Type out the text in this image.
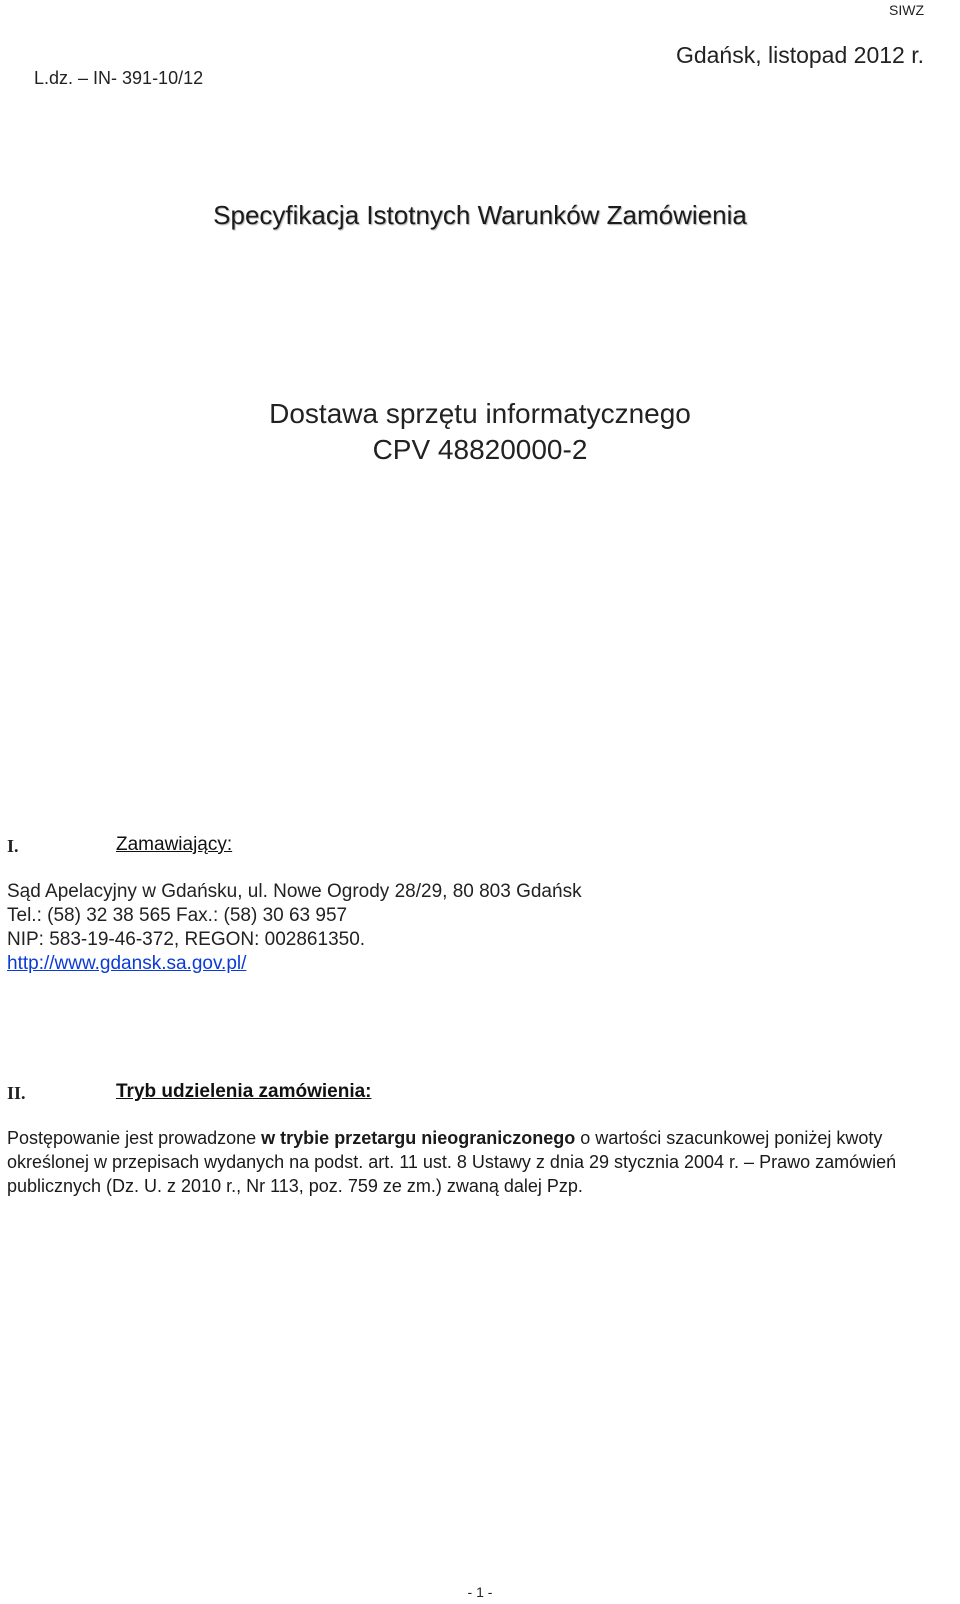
SIWZ
Gdańsk, listopad 2012 r.
L.dz. – IN- 391-10/12
Specyfikacja Istotnych Warunków Zamówienia
Dostawa sprzętu informatycznego
CPV 48820000-2
I.	Zamawiający:
Sąd Apelacyjny w Gdańsku, ul. Nowe Ogrody 28/29, 80 803 Gdańsk
Tel.: (58) 32 38 565 Fax.: (58) 30 63 957
NIP: 583-19-46-372, REGON: 002861350.
http://www.gdansk.sa.gov.pl/
II.	Tryb udzielenia zamówienia:
Postępowanie jest prowadzone w trybie przetargu nieograniczonego o wartości szacunkowej poniżej kwoty określonej w przepisach wydanych na podst. art. 11 ust. 8 Ustawy z dnia 29 stycznia 2004 r. – Prawo zamówień publicznych (Dz. U. z 2010 r., Nr 113, poz. 759 ze zm.) zwaną dalej Pzp.
- 1 -
